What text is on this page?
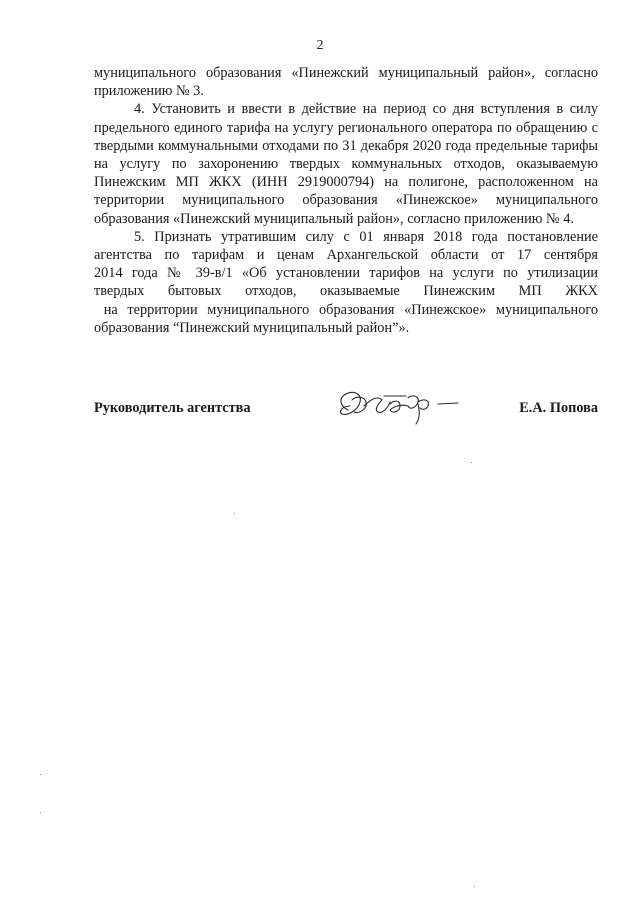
2

муниципального образования «Пинежский муниципальный район», согласно приложению № 3.

4. Установить и ввести в действие на период со дня вступления в силу предельного единого тарифа на услугу регионального оператора по обращению с твердыми коммунальными отходами по 31 декабря 2020 года предельные тарифы на услугу по захоронению твердых коммунальных отходов, оказываемую Пинежским МП ЖКХ (ИНН 2919000794) на полигоне, расположенном на территории муниципального образования «Пинежское» муниципального образования «Пинежский муниципальный район», согласно приложению № 4.

5. Признать утратившим силу с 01 января 2018 года постановление
агентства по тарифам и ценам Архангельской области от 17 сентября
2014 года № 39-в/1 «Об установлении тарифов на услуги по утилизации
твердых бытовых отходов, оказываемые Пинежским МП ЖКХ
на территории муниципального образования «Пинежское» муниципального
образования “Пинежский муниципальный район”».

Руководитель агентства	Е.А. Попова
